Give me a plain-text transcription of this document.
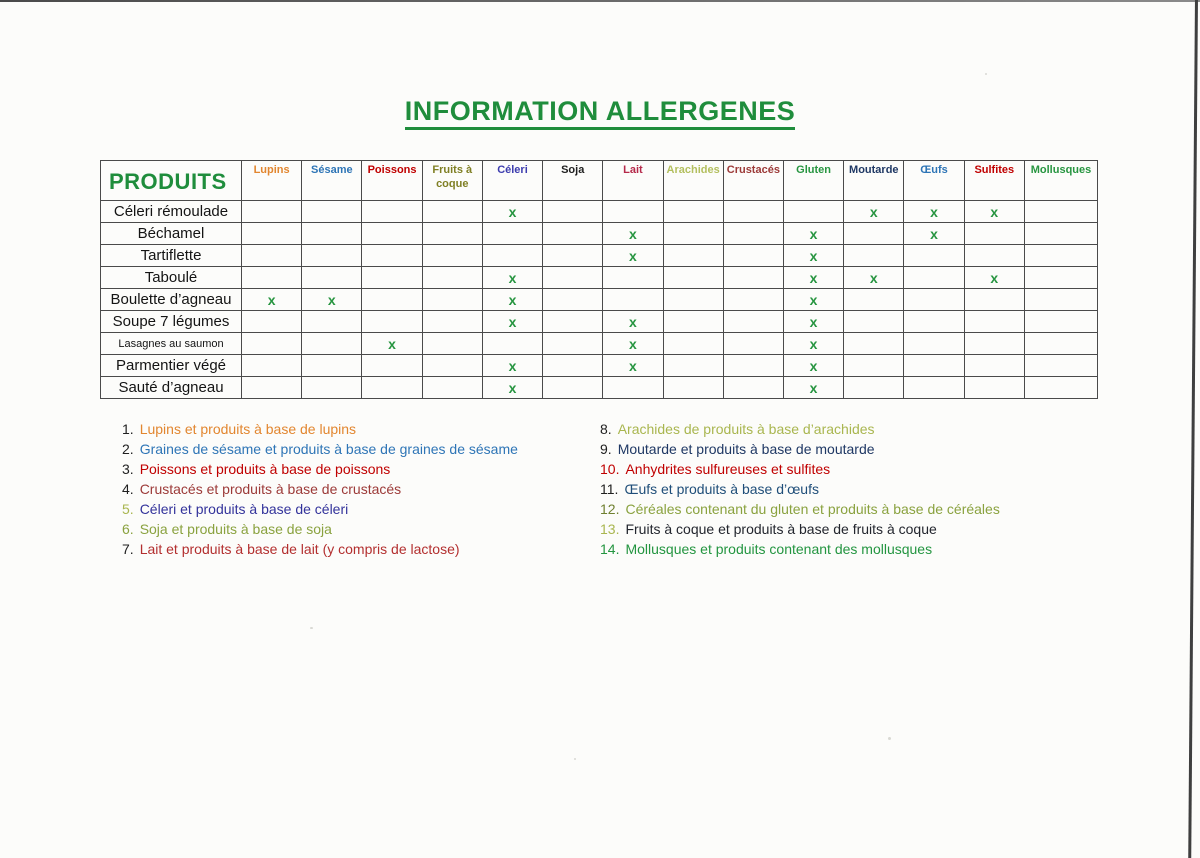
INFORMATION ALLERGENES
PRODUITS	Lupins	Sésame	Poissons	Fruits à coque	Céleri	Soja	Lait	Arachides	Crustacés	Gluten	Moutarde	Œufs	Sulfites	Mollusques
Céleri rémoulade					x						x	x	x	
Béchamel							x			x		x		
Tartiflette							x			x				
Taboulé					x					x	x		x	
Boulette d’agneau	x	x			x					x				
Soupe 7 légumes					x		x			x				
Lasagnes au saumon			x				x			x				
Parmentier végé					x		x			x				
Sauté d’agneau					x					x				
1. Lupins et produits à base de lupins
2. Graines de sésame et produits à base de graines de sésame
3. Poissons et produits à base de poissons
4. Crustacés et produits à base de crustacés
5. Céleri et produits à base de céleri
6. Soja et produits à base de soja
7. Lait et produits à base de lait (y compris de lactose)
8. Arachides de produits à base d’arachides
9. Moutarde et produits à base de moutarde
10. Anhydrites sulfureuses et sulfites
11. Œufs et produits à base d’œufs
12. Céréales contenant du gluten et produits à base de céréales
13. Fruits à coque et produits à base de fruits à coque
14. Mollusques et produits contenant des mollusques
